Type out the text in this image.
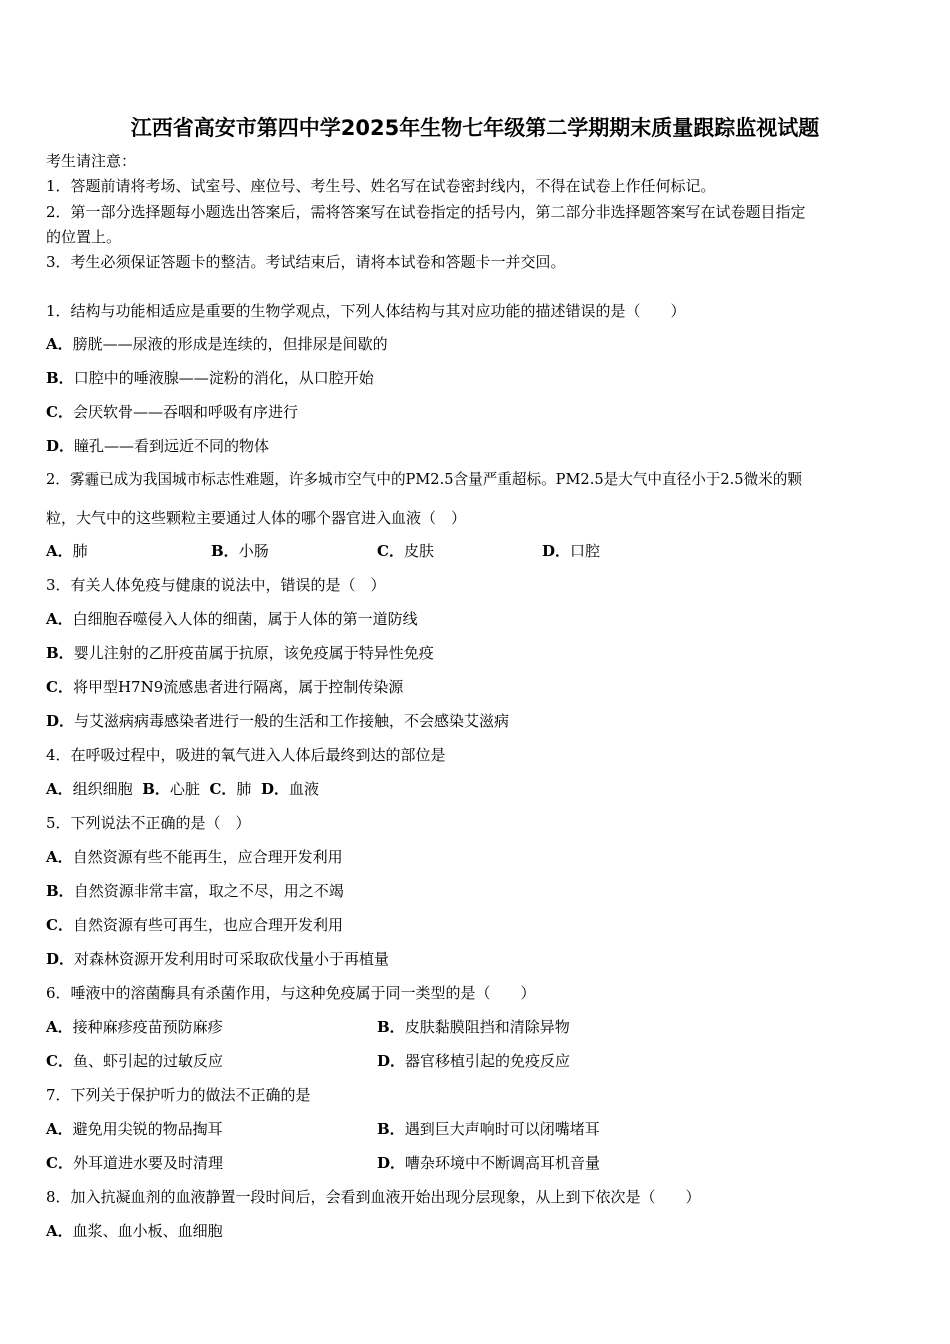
江西省高安市第四中学2025年生物七年级第二学期期末质量跟踪监视试题
考生请注意：
1．答题前请将考场、试室号、座位号、考生号、姓名写在试卷密封线内，不得在试卷上作任何标记。
2．第一部分选择题每小题选出答案后，需将答案写在试卷指定的括号内，第二部分非选择题答案写在试卷题目指定
的位置上。
3．考生必须保证答题卡的整洁。考试结束后，请将本试卷和答题卡一并交回。
1．结构与功能相适应是重要的生物学观点，下列人体结构与其对应功能的描述错误的是（　　）
A．膀胱——尿液的形成是连续的，但排尿是间歇的
B．口腔中的唾液腺——淀粉的消化，从口腔开始
C．会厌软骨——吞咽和呼吸有序进行
D．瞳孔——看到远近不同的物体
2．雾霾已成为我国城市标志性难题，许多城市空气中的PM2.5含量严重超标。PM2.5是大气中直径小于2.5微米的颗
粒，大气中的这些颗粒主要通过人体的哪个器官进入血液（　）
A．肺	B．小肠	C．皮肤	D．口腔
3．有关人体免疫与健康的说法中，错误的是（　）
A．白细胞吞噬侵入人体的细菌，属于人体的第一道防线
B．婴儿注射的乙肝疫苗属于抗原，该免疫属于特异性免疫
C．将甲型H7N9流感患者进行隔离，属于控制传染源
D．与艾滋病病毒感染者进行一般的生活和工作接触，不会感染艾滋病
4．在呼吸过程中，吸进的氧气进入人体后最终到达的部位是
A．组织细胞 B．心脏 C．肺 D．血液
5．下列说法不正确的是（　）
A．自然资源有些不能再生，应合理开发利用
B．自然资源非常丰富，取之不尽，用之不竭
C．自然资源有些可再生，也应合理开发利用
D．对森林资源开发利用时可采取砍伐量小于再植量
6．唾液中的溶菌酶具有杀菌作用，与这种免疫属于同一类型的是（　　）
A．接种麻疹疫苗预防麻疹	B．皮肤黏膜阻挡和清除异物
C．鱼、虾引起的过敏反应	D．器官移植引起的免疫反应
7．下列关于保护听力的做法不正确的是
A．避免用尖锐的物品掏耳	B．遇到巨大声响时可以闭嘴堵耳
C．外耳道进水要及时清理	D．嘈杂环境中不断调高耳机音量
8．加入抗凝血剂的血液静置一段时间后，会看到血液开始出现分层现象，从上到下依次是（　　）
A．血浆、血小板、血细胞
